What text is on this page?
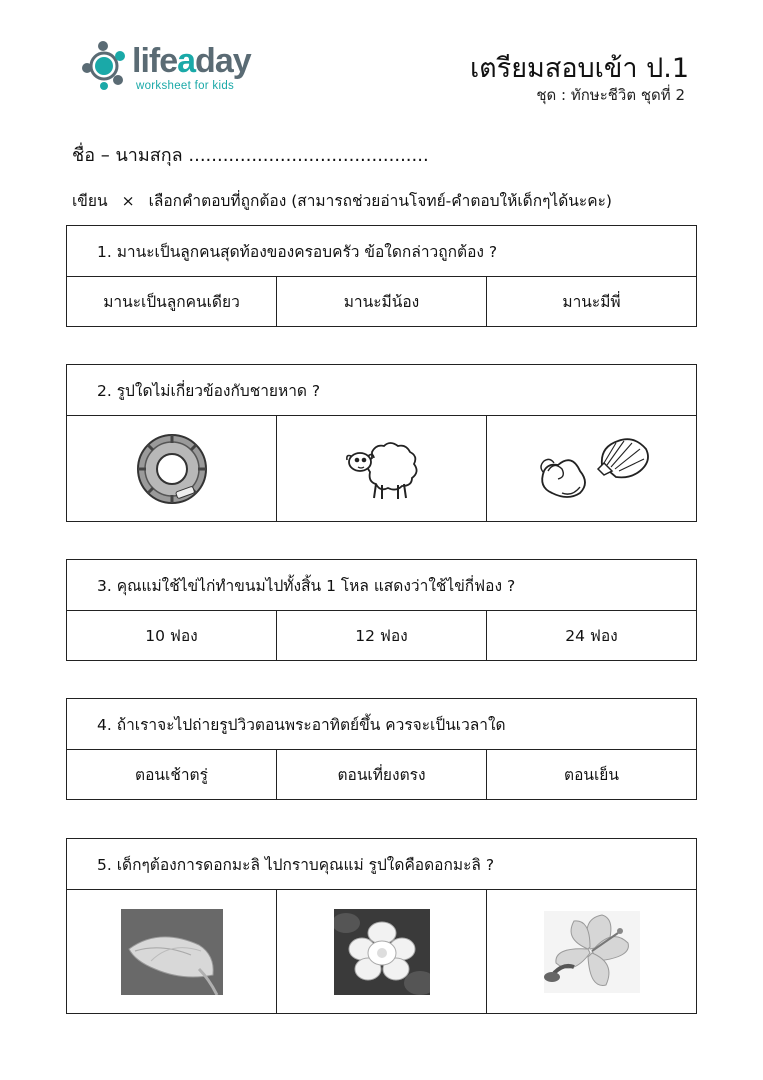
lifeaday
worksheet for kids
เตรียมสอบเข้า ป.1
ชุด : ทักษะชีวิต ชุดที่ 2
ชื่อ – นามสกุล ..........................................
เขียน × เลือกคำตอบที่ถูกต้อง (สามารถช่วยอ่านโจทย์-คำตอบให้เด็กๆได้นะคะ)
1. มานะเป็นลูกคนสุดท้องของครอบครัว ข้อใดกล่าวถูกต้อง ?
มานะเป็นลูกคนเดียว	มานะมีน้อง	มานะมีพี่
2. รูปใดไม่เกี่ยวข้องกับชายหาด ?
3. คุณแม่ใช้ไข่ไก่ทำขนมไปทั้งสิ้น 1 โหล แสดงว่าใช้ไข่กี่ฟอง ?
10 ฟอง	12 ฟอง	24 ฟอง
4. ถ้าเราจะไปถ่ายรูปวิวตอนพระอาทิตย์ขึ้น ควรจะเป็นเวลาใด
ตอนเช้าตรู่	ตอนเที่ยงตรง	ตอนเย็น
5. เด็กๆต้องการดอกมะลิ ไปกราบคุณแม่ รูปใดคือดอกมะลิ ?
